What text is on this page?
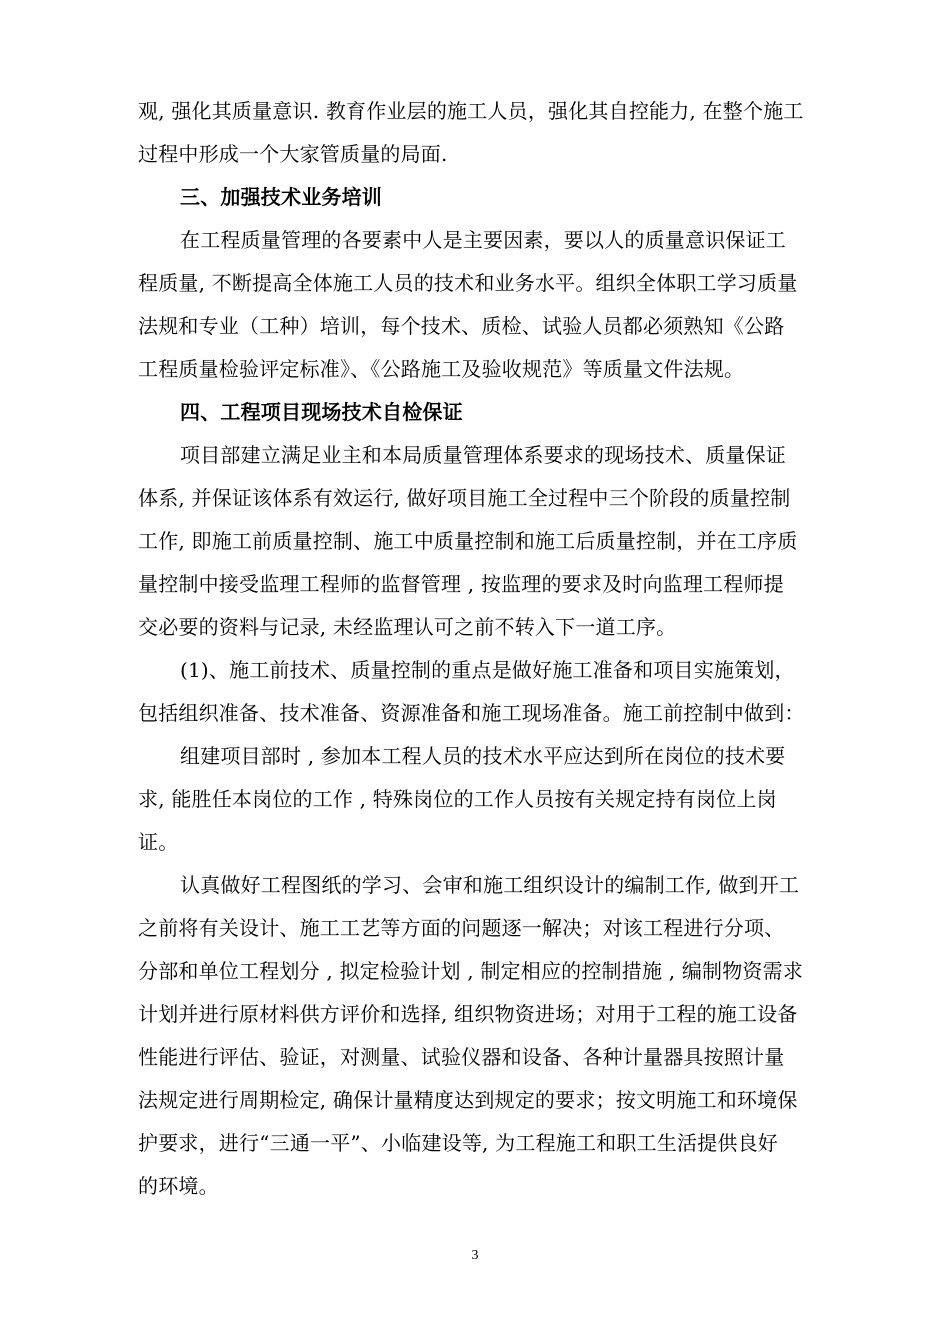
观, 强化其质量意识. 教育作业层的施工人员，强化其自控能力, 在整个施工
过程中形成一个大家管质量的局面.
三、加强技术业务培训
在工程质量管理的各要素中人是主要因素，要以人的质量意识保证工
程质量, 不断提高全体施工人员的技术和业务水平。组织全体职工学习质量
法规和专业（工种）培训，每个技术、质检、试验人员都必须熟知《公路
工程质量检验评定标准》、《公路施工及验收规范》等质量文件法规。
四、工程项目现场技术自检保证
项目部建立满足业主和本局质量管理体系要求的现场技术、质量保证
体系, 并保证该体系有效运行, 做好项目施工全过程中三个阶段的质量控制
工作, 即施工前质量控制、施工中质量控制和施工后质量控制，并在工序质
量控制中接受监理工程师的监督管理 , 按监理的要求及时向监理工程师提
交必要的资料与记录, 未经监理认可之前不转入下一道工序。
(1)、施工前技术、质量控制的重点是做好施工准备和项目实施策划，
包括组织准备、技术准备、资源准备和施工现场准备。施工前控制中做到：
组建项目部时 , 参加本工程人员的技术水平应达到所在岗位的技术要
求, 能胜任本岗位的工作 , 特殊岗位的工作人员按有关规定持有岗位上岗
证。
认真做好工程图纸的学习、会审和施工组织设计的编制工作, 做到开工
之前将有关设计、施工工艺等方面的问题逐一解决；对该工程进行分项、
分部和单位工程划分 , 拟定检验计划 , 制定相应的控制措施 , 编制物资需求
计划并进行原材料供方评价和选择, 组织物资进场；对用于工程的施工设备
性能进行评估、验证，对测量、试验仪器和设备、各种计量器具按照计量
法规定进行周期检定, 确保计量精度达到规定的要求；按文明施工和环境保
护要求，进行“三通一平”、小临建设等, 为工程施工和职工生活提供良好
的环境。
3
